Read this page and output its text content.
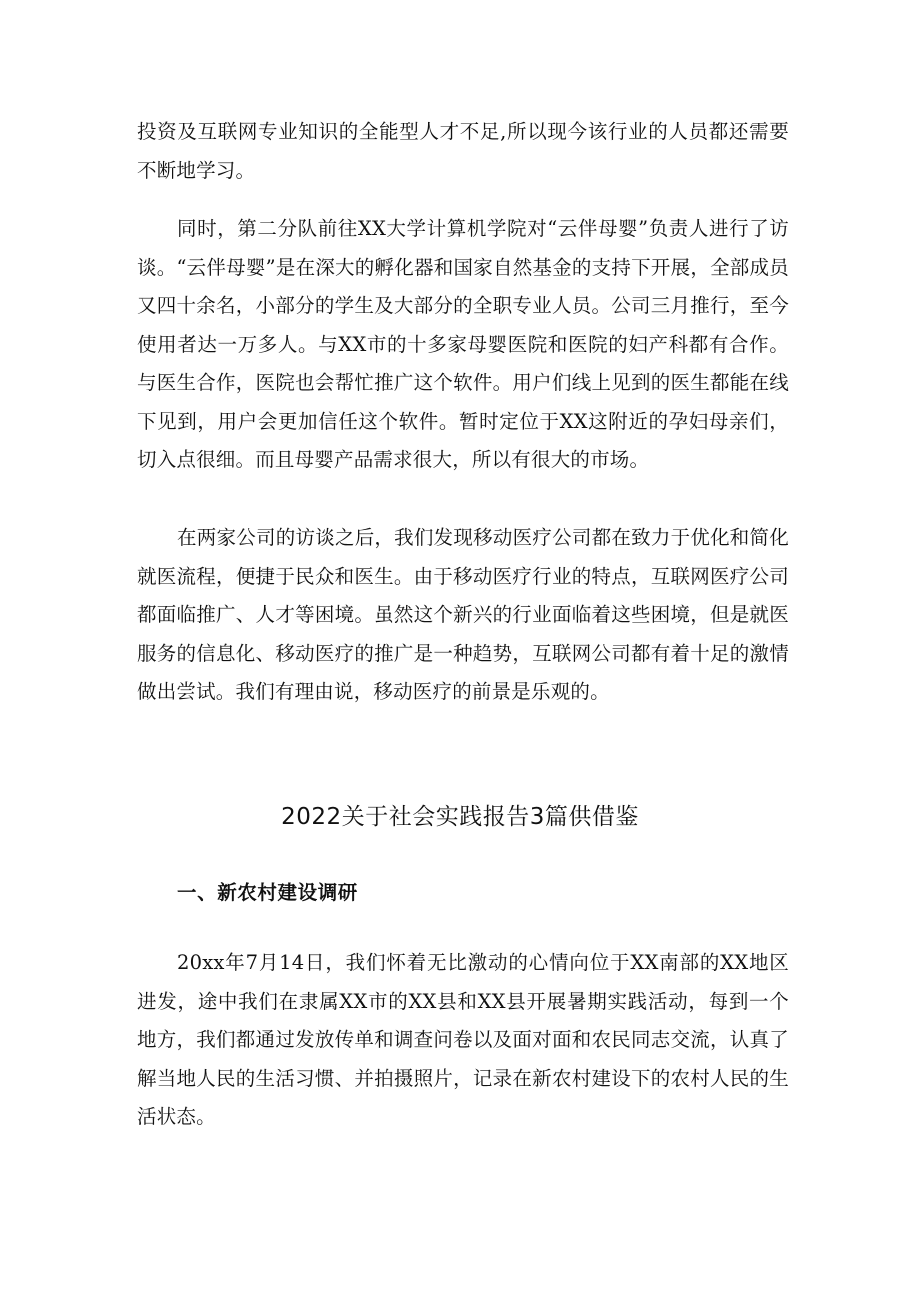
投资及互联网专业知识的全能型人才不足,所以现今该行业的人员都还需要不断地学习。

同时，第二分队前往XX大学计算机学院对“云伴母婴”负责人进行了访谈。“云伴母婴”是在深大的孵化器和国家自然基金的支持下开展，全部成员又四十余名，小部分的学生及大部分的全职专业人员。公司三月推行，至今使用者达一万多人。与XX市的十多家母婴医院和医院的妇产科都有合作。与医生合作，医院也会帮忙推广这个软件。用户们线上见到的医生都能在线下见到，用户会更加信任这个软件。暂时定位于XX这附近的孕妇母亲们，切入点很细。而且母婴产品需求很大，所以有很大的市场。

在两家公司的访谈之后，我们发现移动医疗公司都在致力于优化和简化就医流程，便捷于民众和医生。由于移动医疗行业的特点，互联网医疗公司都面临推广、人才等困境。虽然这个新兴的行业面临着这些困境，但是就医服务的信息化、移动医疗的推广是一种趋势，互联网公司都有着十足的激情做出尝试。我们有理由说，移动医疗的前景是乐观的。

2022关于社会实践报告3篇供借鉴
一、新农村建设调研

20xx年7月14日，我们怀着无比激动的心情向位于XX南部的XX地区进发，途中我们在隶属XX市的XX县和XX县开展暑期实践活动，每到一个地方，我们都通过发放传单和调查问卷以及面对面和农民同志交流，认真了解当地人民的生活习惯、并拍摄照片，记录在新农村建设下的农村人民的生活状态。
